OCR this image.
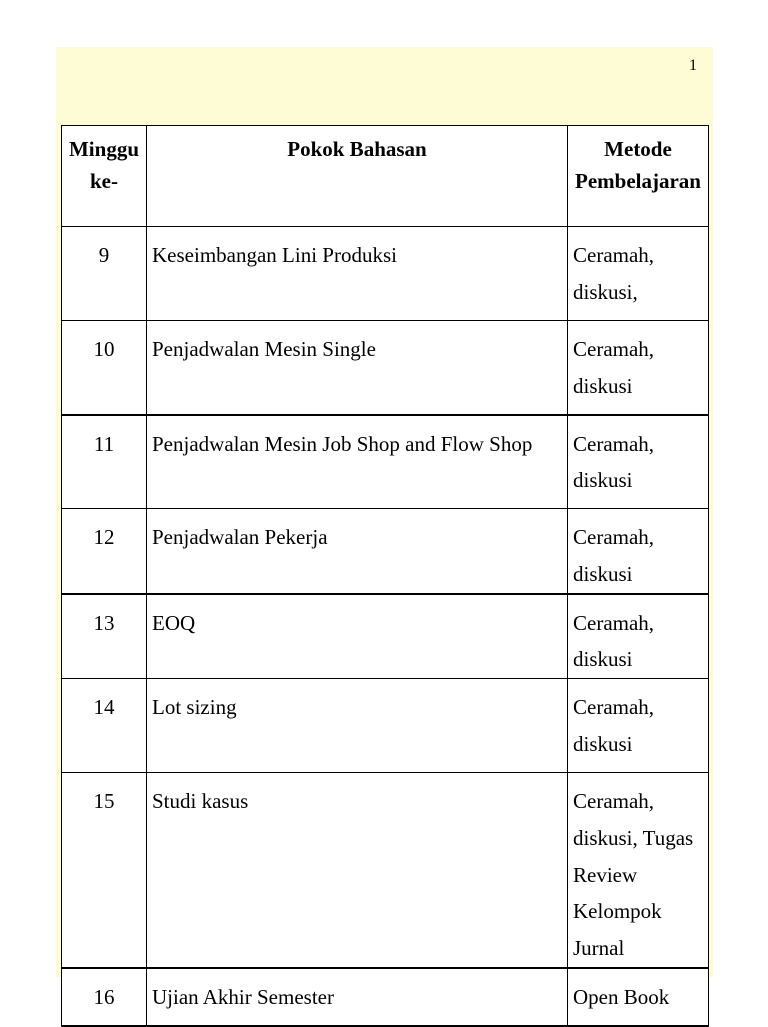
1
Minggu ke-	Pokok Bahasan	Metode Pembelajaran
9	Keseimbangan Lini Produksi	Ceramah, diskusi,
10	Penjadwalan Mesin Single	Ceramah, diskusi
11	Penjadwalan Mesin Job Shop and Flow Shop	Ceramah, diskusi
12	Penjadwalan Pekerja	Ceramah, diskusi
13	EOQ	Ceramah, diskusi
14	Lot sizing	Ceramah, diskusi
15	Studi kasus	Ceramah, diskusi, Tugas Review Kelompok Jurnal
16	Ujian Akhir Semester	Open Book
